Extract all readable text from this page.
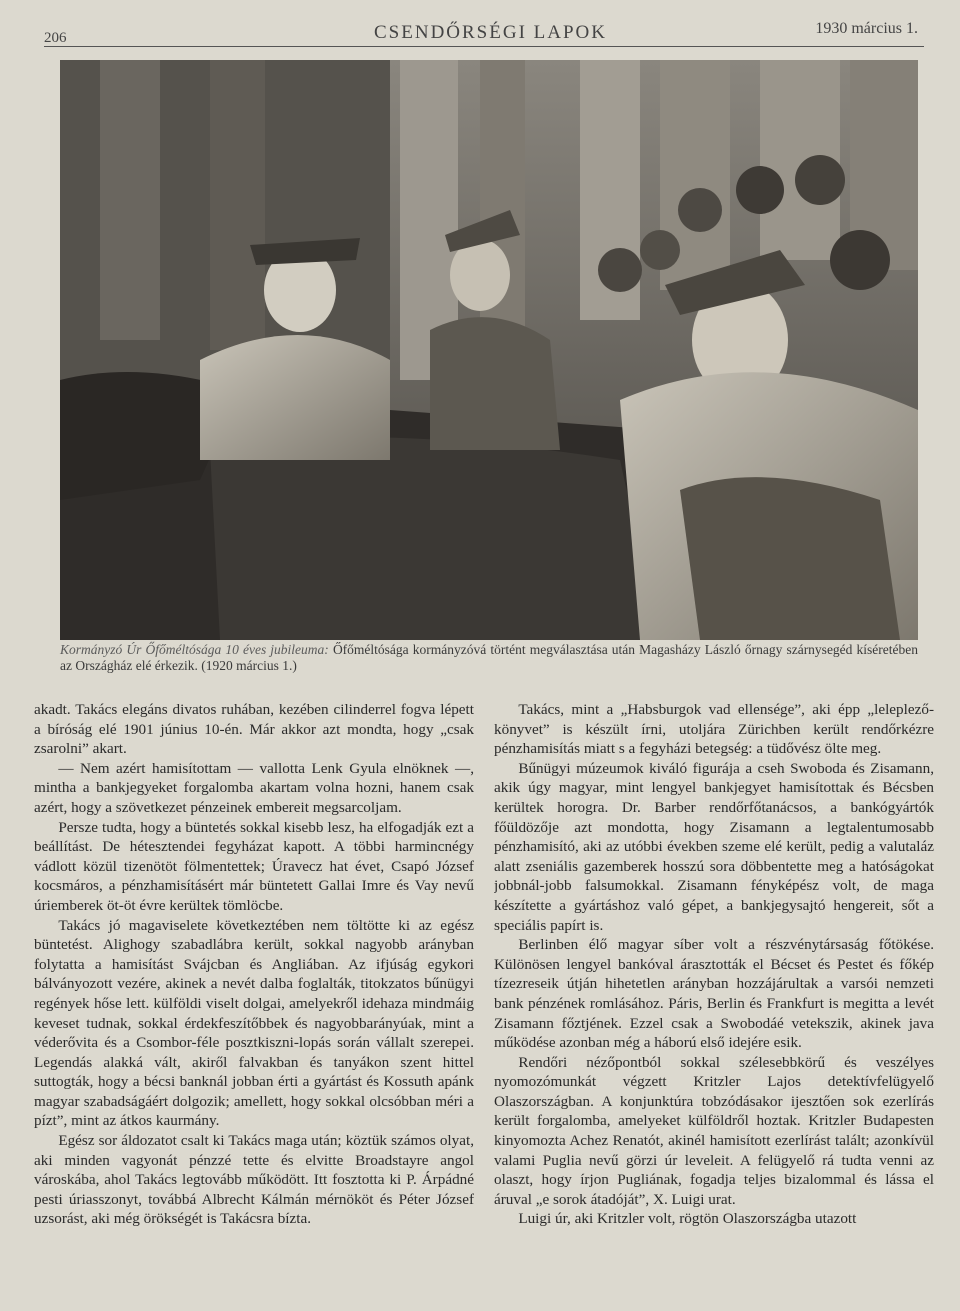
206	CSENDŐRSÉGI LAPOK	1930 március 1.
Kormányzó Úr Őfőméltósága 10 éves jubileuma: Őfőméltósága kormányzóvá történt megválasztása után Magasházy László őrnagy szárnysegéd kíséretében az Országház elé érkezik. (1920 március 1.)

akadt. Takács elegáns divatos ruhában, kezében cilinderrel fogva lépett a bíróság elé 1901 június 10-én. Már akkor azt mondta, hogy „csak zsarolni” akart.

— Nem azért hamisítottam — vallotta Lenk Gyula elnöknek —, mintha a bankjegyeket forgalomba akartam volna hozni, hanem csak azért, hogy a szövetkezet pénzeinek embereit megsarcoljam.

Persze tudta, hogy a büntetés sokkal kisebb lesz, ha elfogadják ezt a beállítást. De hétesztendei fegyházat kapott. A többi harmincnégy vádlott közül tizenötöt fölmentettek; Úravecz hat évet, Csapó József kocsmáros, a pénzhamisításért már büntetett Gallai Imre és Vay nevű úriemberek öt-öt évre kerültek tömlöcbe.

Takács jó magaviselete következtében nem töltötte ki az egész büntetést. Alighogy szabadlábra került, sokkal nagyobb arányban folytatta a hamisítást Svájcban és Angliában. Az ifjúság egykori bálványozott vezére, akinek a nevét dalba foglalták, titokzatos bűnügyi regények hőse lett. külföldi viselt dolgai, amelyekről idehaza mindmáig keveset tudnak, sokkal érdekfeszítőbbek és nagyobbarányúak, mint a véderővita és a Csombor-féle posztkiszni-lopás során vállalt szerepei. Legendás alakká vált, akiről falvakban és tanyákon szent hittel suttogták, hogy a bécsi banknál jobban érti a gyártást és Kossuth apánk magyar szabadságáért dolgozik; amellett, hogy sokkal olcsóbban méri a pízt”, mint az átkos kaurmány.

Egész sor áldozatot csalt ki Takács maga után; köztük számos olyat, aki minden vagyonát pénzzé tette és elvitte Broadstayre angol városkába, ahol Takács legtovább működött. Itt fosztotta ki P. Árpádné pesti úriasszonyt, továbbá Albrecht Kálmán mérnököt és Péter József uzsorást, aki még örökségét is Takácsra bízta.

Takács, mint a „Habsburgok vad ellensége”, aki épp „leleplező-könyvet” is készült írni, utoljára Zürichben került rendőrkézre pénzhamisítás miatt s a fegyházi betegség: a tüdővész ölte meg.

Bűnügyi múzeumok kiváló figurája a cseh Swoboda és Zisamann, akik úgy magyar, mint lengyel bankjegyet hamisítottak és Bécsben kerültek horogra. Dr. Barber rendőrfőtanácsos, a bankógyártók főüldözője azt mondotta, hogy Zisamann a legtalentumosabb pénzhamisító, aki az utóbbi években szeme elé került, pedig a valutaláz alatt zseniális gazemberek hosszú sora döbbentette meg a hatóságokat jobbnál-jobb falsumokkal. Zisamann fényképész volt, de maga készítette a gyártáshoz való gépet, a bankjegysajtó hengereit, sőt a speciális papírt is.

Berlinben élő magyar síber volt a részvénytársaság főtökése. Különösen lengyel bankóval árasztották el Bécset és Pestet és főkép tízezreseik útján hihetetlen arányban hozzájárultak a varsói nemzeti bank pénzének romlásához. Páris, Berlin és Frankfurt is megitta a levét Zisamann főztjének. Ezzel csak a Swobodáé vetekszik, akinek java működése azonban még a háború első idejére esik.

Rendőri nézőpontból sokkal szélesebbkörű és veszélyes nyomozómunkát végzett Kritzler Lajos detektívfelügyelő Olaszországban. A konjunktúra tobzódásakor ijesztően sok ezerlírás került forgalomba, amelyeket külföldről hoztak. Kritzler Budapesten kinyomozta Achez Renatót, akinél hamisított ezerlírást talált; azonkívül valami Puglia nevű görzi úr leveleit. A felügyelő rá tudta venni az olaszt, hogy írjon Pugliának, fogadja teljes bizalommal és lássa el áruval „e sorok átadóját”, X. Luigi urat.

Luigi úr, aki Kritzler volt, rögtön Olaszországba utazott
